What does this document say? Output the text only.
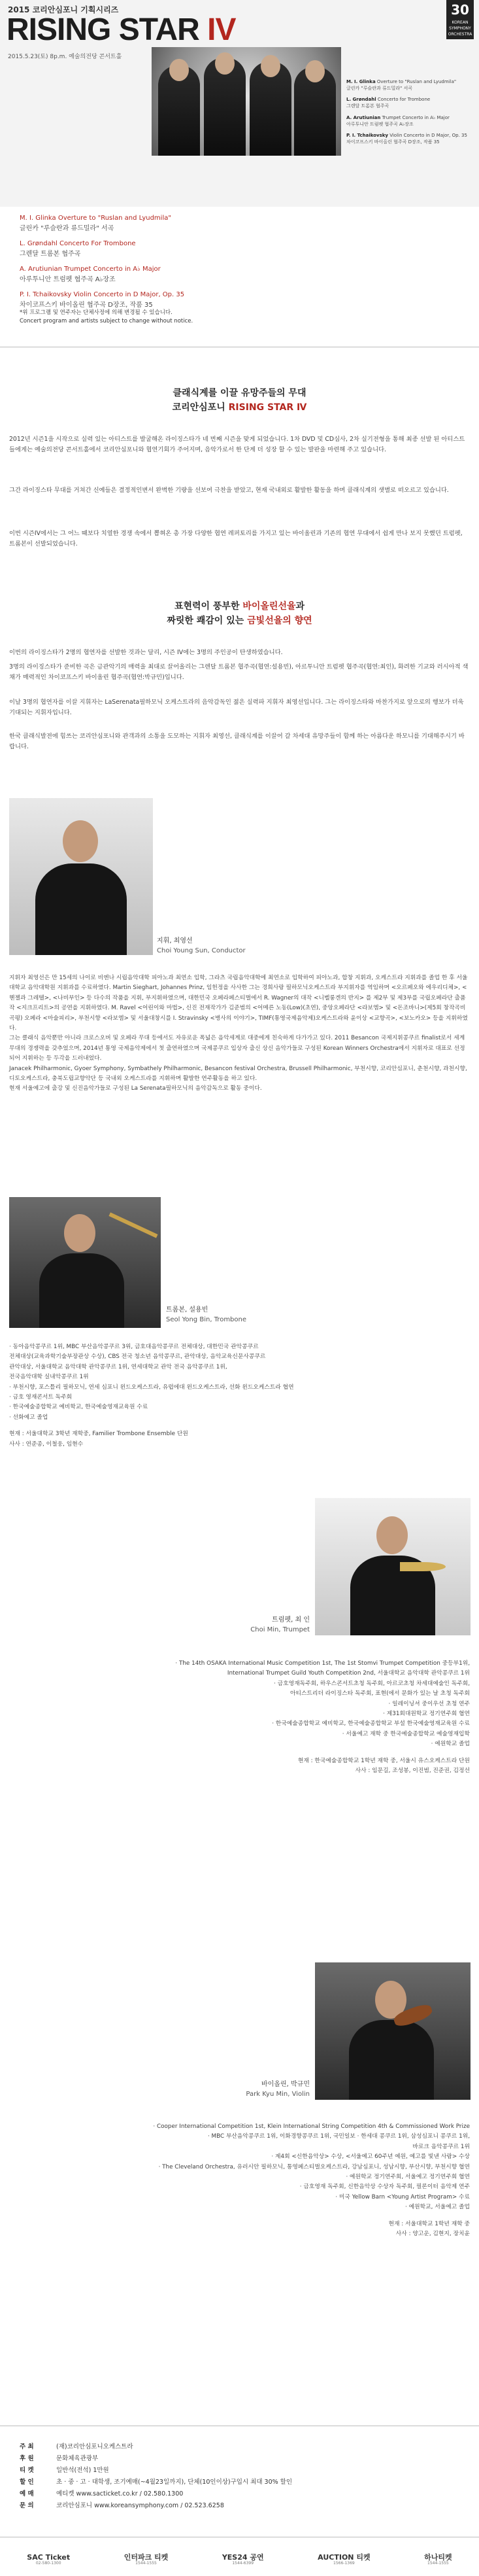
2015 코리안심포니 기획시리즈
RISING STAR IV
2015.5.23(토) 8p.m. 예술의전당 콘서트홀
30
KOREAN SYMPHONY ORCHESTRA
M. I. Glinka Overture to "Ruslan and Lyudmila"
글린카 "루슬란과 류드밀라" 서곡
L. Grøndahl Concerto for Trombone
그렌달 트롬본 협주곡
A. Arutiunian Trumpet Concerto in A♭ Major
아루투니안 트럼펫 협주곡 A♭장조
P. I. Tchaikovsky Violin Concerto in D Major, Op. 35
차이코프스키 바이올린 협주곡 D장조, 작품 35
M. I. Glinka Overture to "Ruslan and Lyudmila"
글린카 "루슬란과 류드밀라" 서곡
L. Grøndahl Concerto For Trombone
그렌달 트롬본 협주곡
A. Arutiunian Trumpet Concerto in A♭ Major
아루투니안 트럼펫 협주곡 A♭장조
P. I. Tchaikovsky Violin Concerto in D Major, Op. 35
차이코프스키 바이올린 협주곡 D장조, 작품 35
*위 프로그램 및 연주자는 단체사정에 의해 변경될 수 있습니다.
Concert program and artists subject to change without notice.
클래식계를 이끌 유망주들의 무대
코리안심포니 RISING STAR Ⅳ
2012년 시즌1을 시작으로 실력 있는 아티스트를 발굴해온 라이징스타가 네 번째 시즌을 맞게 되었습니다. 1차 DVD 및 CD심사, 2차 실기전형을 통해 최종 선발 된 아티스트들에게는 예술의전당 콘서트홀에서 코리안심포니와 협연기회가 주어지며, 음악가로서 한 단계 더 성장 할 수 있는 발판을 마련해 주고 있습니다.
그간 라이징스타 무대를 거쳐간 신예들은 결정적인변서 완벽한 기량을 선보여 극찬을 받았고, 현재 국내외로 활발한 활동을 하며 클래식계의 샛별로 떠오르고 있습니다.
이번 시즌IV에서는 그 어느 때보다 치열한 경쟁 속에서 뽑혀온 총 가장 다양한 협연 레퍼토리를 가지고 있는 바이올린과 기존의 협연 무대에서 쉽게 만나 보지 못했던 트럼펫, 트롬본이 선발되었습니다.
표현력이 풍부한 바이올린선율과
짜릿한 쾌감이 있는 금빛선율의 향연
이번의 라이징스타가 2명의 협연자를 선발한 것과는 달리, 시즌 IV에는 3명의 주인공이 탄생하였습니다.
3명의 라이징스타가 준비한 곡은 금관악기의 매력을 최대로 끌어올리는 그렌달 트롬본 협주곡(협연:설용빈), 아르투니안 트럼펫 협주곡(협연:최인), 화려한 기교와 러시아적 색채가 매력적인 차이코프스키 바이올린 협주곡(협연:박규민)입니다.
이날 3명의 협연자를 이끌 지휘자는 LaSerenata필하모닉 오케스트라의 음악감독인 젊은 실력파 지휘자 최영선입니다. 그는 라이징스타와 마찬가지로 앞으로의 행보가 더욱 기대되는 지휘자입니다.
한국 클래식발전에 힘쓰는 코리안심포니와 관객과의 소통을 도모하는 지휘자 최영선, 클래식계를 이끌어 갈 차세대 유망주들이 함께 하는 아름다운 하모니를 기대해주시기 바랍니다.
지휘, 최영선
Choi Young Sun, Conductor
지휘자 최영선은 만 15세의 나이로 비엔나 시립음악대학 피아노과 최연소 입학, 그라츠 국립음악대학에 최연소로 입학하여 피아노과, 합창 지휘과, 오케스트라 지휘과를 졸업 한 후 서울대학교 음악대학원 지휘과를 수료하였다. Martin Sieghart, Johannes Prinz, 임헌정을 사사한 그는 경희사랑 필하모닉오케스트라 부지휘자를 역임하며 <오르페오와 에우리디체>, <헨젤과 그레텔>, <나비부인> 등 다수의 작품을 지휘, 부지휘하였으며, 대한민국 오페라페스티벌에서 R. Wagner의 대작 <니벨룽겐의 반지> 를 제2부 및 제3부를 국립오페라단 출품작 <지크프리트>의 공연을 지휘하였다. M. Ravel <어린이와 마법>, 신진 전재작가가 김준범의 <어메른 노동(Low)(초연), 중앙오페라단 <라보엠> 및 <돈조바니>(제5회 창작곡비곡평) 오페라 <마술피리>, 부천시향 <라보엠> 및 서울대창시를 I. Stravinsky <병사의 이야기>, TIMF(통영국제음악제)오케스트라와 윤이상 <교향곡>, <보노카오> 등을 지휘하였다.
그는 클래식 음악뿐만 아니라 크로스오버 및 오페라 무대 등에서도 자유로운 폭넓은 음악세계로 대중에게 친숙하게 다가가고 있다. 2011 Besancon 국제지휘콩쿠르 finalist로서 세계무대의 경쟁력을 갖추었으며, 2014년 통영 국제음악제에서 첫 출연하였으며 국제콩쿠르 입상자 출신 상신 음악가들로 구성된 Korean Winners Orchestra에서 지휘자로 대표로 선정되어 지휘하는 등 두각을 드러내었다.
Janacek Philharmonic, Gyoer Symphony, Symbathely Philharmonic, Besancon festival Orchestra, Brussell Philharmonic, 부천시향, 코리안심포니, 춘천시향, 과천시향, 디토오케스트라, 충북도립교향악단 등 국내외 오케스트라를 지휘하며 활발한 연주활동을 하고 있다.
현재 서울예고에 출강 및 신진음악가들로 구성된 La Serenata필하모닉의 음악감독으로 활동 중이다.
트롬본, 설용빈
Seol Yong Bin, Trombone
· 동아음악콩쿠르 1위, MBC 부산음악콩쿠르 3위, 금호대음악콩쿠르 전체대상, 대한민국 관악콩쿠르
전체대상(교육과학기술부장관상 수상), CBS 전국 청소년 음악콩쿠르, 관악대상, 음악교육신문사콩쿠르
관악대상, 서울대학교 음악대학 관악콩쿠르 1위, 연세대학교 관악 전국 음악콩쿠르 1위,
전국음악대학 실내악콩쿠르 1위
· 부천시향, 포스틀리 필하모닉, 연세 심포니 윈드오케스트라, 유럽에대 윈드오케스트라, 선화 윈드오케스트라 협연
· 금호 영재콘서트 독주회
· 한국예술종합학교 예비학교, 한국예술영재교육원 수료
· 선화예고 졸업
현재 : 서울대학교 3학년 재학중, Familier Trombone Ensemble 단원
사사 : 연준종, 이철웅, 임현수
트럼펫, 최 인
Choi Min, Trumpet
· The 14th OSAKA International Music Competition 1st, The 1st Stomvi Trumpet Competition 중등부1위,
International Trumpet Guild Youth Competition 2nd, 서울대학교 음악대학 관악콩쿠르 1위
· 금호영재독주회, 하우스콘서트초청 독주회, 아르코초청 차세대예술인 독주회,
아티스트리더 라이징스타 독주회, 표현(에서 문화가 있는 날 초청 독주회
· 일레이닝셔 중이우선 초청 연주
· 제31회대원학교 정기연주회 협연
· 한국예술종합학교 예비학교, 한국예술종합학교 부설 한국예술영재교육원 수료
· 서울예고 재학 중 한국예술종합학교 예술영재입학
· 예원학교 졸업
현재 : 한국예술종합학교 1학년 재학 중, 서울시 유스오케스트라 단원
사사 : 임문길, 조성봉, 이진범, 진준권, 김정선
바이올린, 박규민
Park Kyu Min, Violin
· Cooper International Competition 1st, Klein International String Competition 4th & Commissioned Work Prize
· MBC 부산음악콩쿠르 1위, 이화경향콩쿠르 1위, 국민일보 · 한세대 콩쿠르 1위, 삼성심포니 콩쿠르 1위,
바로크 음악콩쿠르 1위
· 제4회 <신한음악상> 수상, <서울예고 60주년 예원, 예고를 빛낸 사람> 수상
· The Cleveland Orchestra, 유러시안 필하모닉, 통영페스티벌오케스트라, 강남심포니, 성남시향, 부산시향, 부천시향 협연
· 예원학교 정기연주회, 서울예고 정기연주회 협연
· 금호영재 독주회, 신한음악상 수상자 독주회, 필론이터 음악제 연주
· 미국 Yellow Barn <Young Artist Program> 수료
· 예원학교, 서울예고 졸업
현재 : 서울대학교 1학년 재학 중
사사 : 양고운, 김현지, 장치윤
주 최	(재)코리안심포니오케스트라
후 원	문화체육관광부
티 켓	일반석(전석) 1만원
할 인	초 · 중 · 고 · 대학생, 조기예매(~4월23일까지), 단체(10인이상)구입시 최대 30% 할인
예 매	예티켓 www.sacticket.co.kr / 02.580.1300
문 의	코리안심포니 www.koreansymphony.com / 02.523.6258
SAC Ticket
02-580-1300
인터파크 티켓
1544-1555
YES24 공연
1544-6399
AUCTION 티켓
1566-1369
하나티켓
1544-1555
